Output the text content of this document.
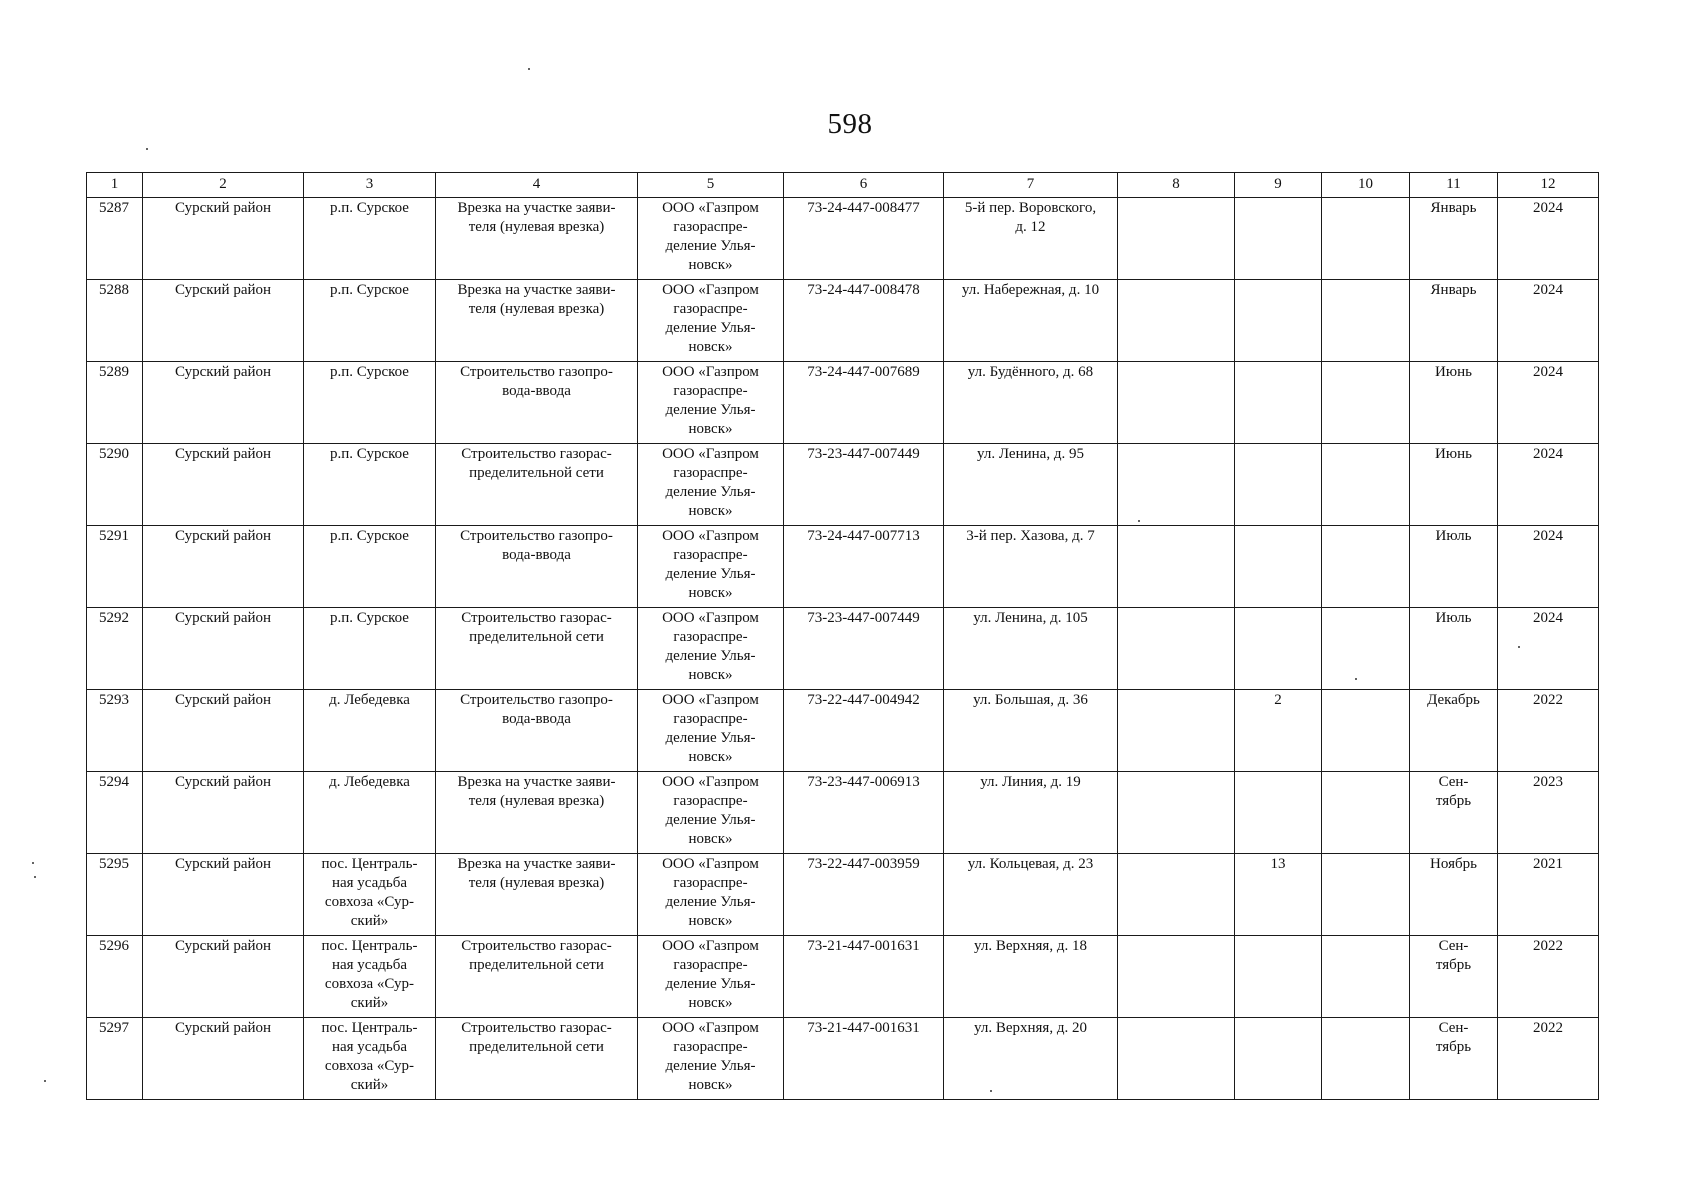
598
1	2	3	4	5	6	7	8	9	10	11	12
5287	Сурский район	р.п. Сурское	Врезка на участке заяви-
теля (нулевая врезка)	ООО «Газпром
газораспре-
деление Улья-
новск»	73-24-447-008477	5-й пер. Воровского,
д. 12				Январь	2024
5288	Сурский район	р.п. Сурское	Врезка на участке заяви-
теля (нулевая врезка)	ООО «Газпром
газораспре-
деление Улья-
новск»	73-24-447-008478	ул. Набережная, д. 10				Январь	2024
5289	Сурский район	р.п. Сурское	Строительство газопро-
вода-ввода	ООО «Газпром
газораспре-
деление Улья-
новск»	73-24-447-007689	ул. Будённого, д. 68				Июнь	2024
5290	Сурский район	р.п. Сурское	Строительство газорас-
пределительной сети	ООО «Газпром
газораспре-
деление Улья-
новск»	73-23-447-007449	ул. Ленина, д. 95				Июнь	2024
5291	Сурский район	р.п. Сурское	Строительство газопро-
вода-ввода	ООО «Газпром
газораспре-
деление Улья-
новск»	73-24-447-007713	3-й пер. Хазова, д. 7				Июль	2024
5292	Сурский район	р.п. Сурское	Строительство газорас-
пределительной сети	ООО «Газпром
газораспре-
деление Улья-
новск»	73-23-447-007449	ул. Ленина, д. 105				Июль	2024
5293	Сурский район	д. Лебедевка	Строительство газопро-
вода-ввода	ООО «Газпром
газораспре-
деление Улья-
новск»	73-22-447-004942	ул. Большая, д. 36		2		Декабрь	2022
5294	Сурский район	д. Лебедевка	Врезка на участке заяви-
теля (нулевая врезка)	ООО «Газпром
газораспре-
деление Улья-
новск»	73-23-447-006913	ул. Линия, д. 19				Сен-
тябрь	2023
5295	Сурский район	пос. Централь-
ная усадьба
совхоза «Сур-
ский»	Врезка на участке заяви-
теля (нулевая врезка)	ООО «Газпром
газораспре-
деление Улья-
новск»	73-22-447-003959	ул. Кольцевая, д. 23		13		Ноябрь	2021
5296	Сурский район	пос. Централь-
ная усадьба
совхоза «Сур-
ский»	Строительство газорас-
пределительной сети	ООО «Газпром
газораспре-
деление Улья-
новск»	73-21-447-001631	ул. Верхняя, д. 18				Сен-
тябрь	2022
5297	Сурский район	пос. Централь-
ная усадьба
совхоза «Сур-
ский»	Строительство газорас-
пределительной сети	ООО «Газпром
газораспре-
деление Улья-
новск»	73-21-447-001631	ул. Верхняя, д. 20				Сен-
тябрь	2022
